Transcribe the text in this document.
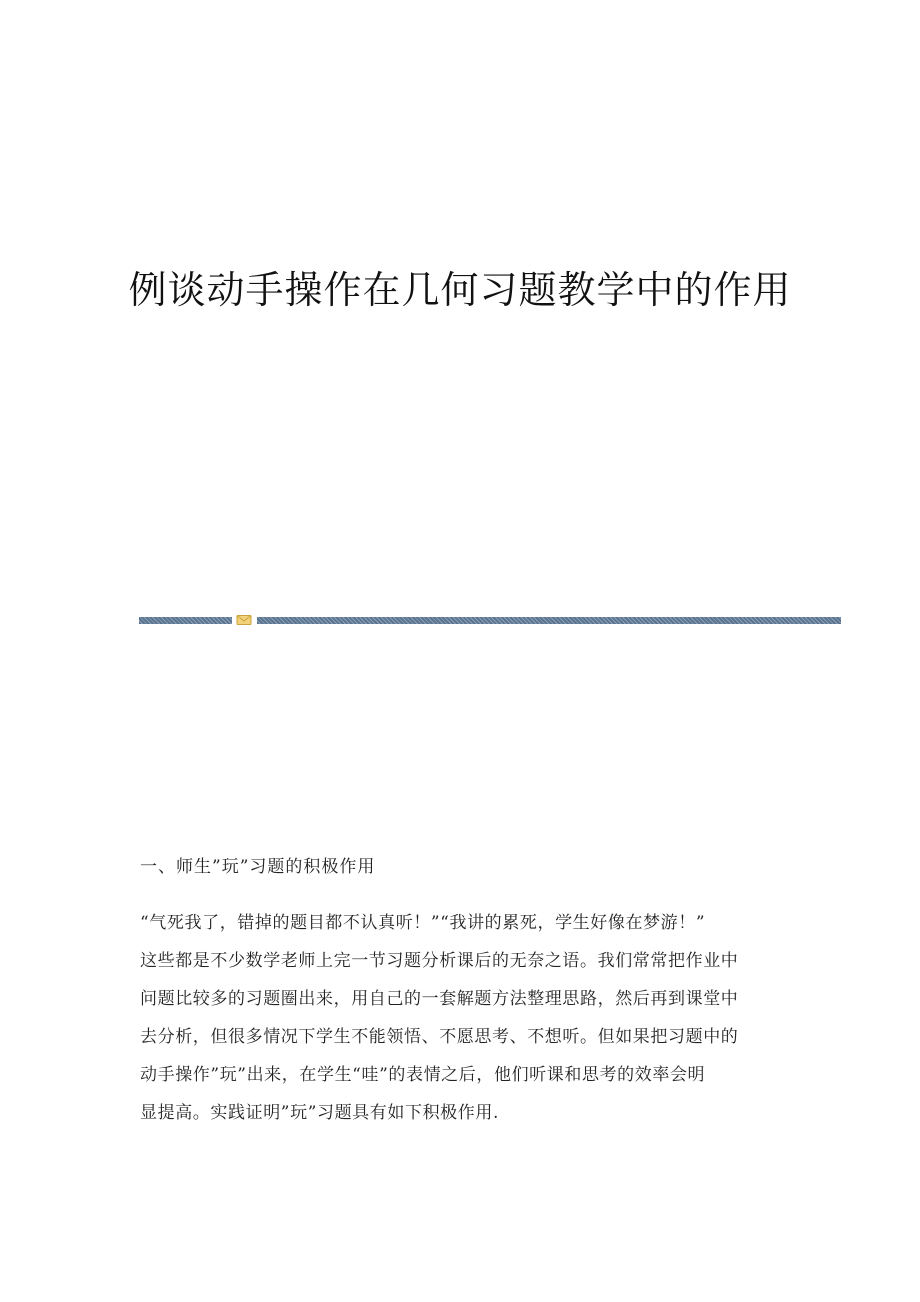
例谈动手操作在几何习题教学中的作用
一、师生”玩”习题的积极作用
“气死我了，错掉的题目都不认真听！”“我讲的累死，学生好像在梦游！”
这些都是不少数学老师上完一节习题分析课后的无奈之语。我们常常把作业中
问题比较多的习题圈出来，用自己的一套解题方法整理思路，然后再到课堂中
去分析，但很多情况下学生不能领悟、不愿思考、不想听。但如果把习题中的
动手操作”玩”出来，在学生“哇”的表情之后，他们听课和思考的效率会明
显提高。实践证明”玩”习题具有如下积极作用.
